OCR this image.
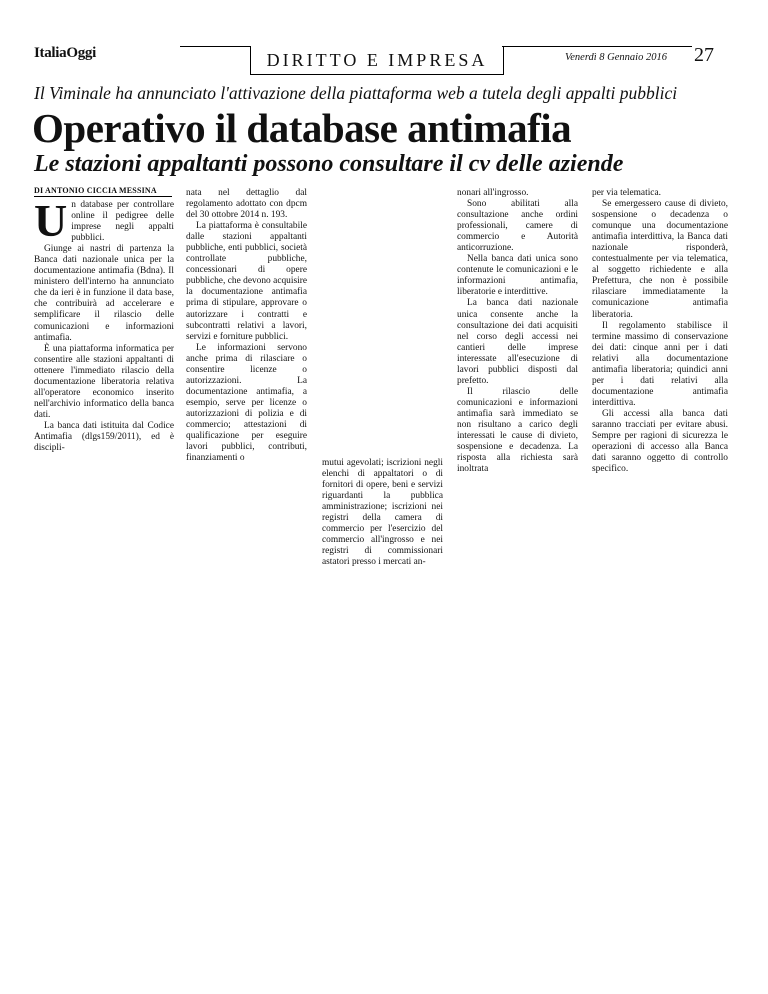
ItaliaOggi	DIRITTO E IMPRESA	Venerdì 8 Gennaio 2016 27
Il Viminale ha annunciato l'attivazione della piattaforma web a tutela degli appalti pubblici
Operativo il database antimafia
Le stazioni appaltanti possono consultare il cv delle aziende
DI ANTONIO CICCIA MESSINA

Un database per controllare online il pedigree delle imprese negli appalti pubblici.

Giunge ai nastri di partenza la Banca dati nazionale unica per la documentazione antimafia (Bdna). Il ministero dell'interno ha annunciato che da ieri è in funzione il data base, che contribuirà ad accelerare e semplificare il rilascio delle comunicazioni e informazioni antimafia.

È una piattaforma informatica per consentire alle stazioni appaltanti di ottenere l'immediato rilascio della documentazione liberatoria relativa all'operatore economico inserito nell'archivio informatico della banca dati.

La banca dati istituita dal Codice Antimafia (dlgs159/2011), ed è discipli-

nata nel dettaglio dal regolamento adottato con dpcm del 30 ottobre 2014 n. 193.

La piattaforma è consultabile dalle stazioni appaltanti pubbliche, enti pubblici, società controllate pubbliche, concessionari di opere pubbliche, che devono acquisire la documentazione antimafia prima di stipulare, approvare o autorizzare i contratti e subcontratti relativi a lavori, servizi e forniture pubblici.

Le informazioni servono anche prima di rilasciare o consentire licenze o autorizzazioni. La documentazione antimafia, a esempio, serve per licenze o autorizzazioni di polizia e di commercio; attestazioni di qualificazione per eseguire lavori pubblici, contributi, finanziamenti o	mutui agevolati; iscrizioni negli elenchi di appaltatori o di fornitori di opere, beni e servizi riguardanti la pubblica amministrazione; iscrizioni nei registri della camera di commercio per l'esercizio del commercio all'ingrosso e nei registri di commissionari astatori presso i mercati an-

nonari all'ingrosso.

Sono abilitati alla consultazione anche ordini professionali, camere di commercio e Autorità anticorruzione.

Nella banca dati unica sono contenute le comunicazioni e le informazioni antimafia, liberatorie e interdittive.

La banca dati nazionale unica consente anche la consultazione dei dati acquisiti nel corso degli accessi nei cantieri delle imprese interessate all'esecuzione di lavori pubblici disposti dal prefetto.

Il rilascio delle comunicazioni e informazioni antimafia sarà immediato se non risultano a carico degli interessati le cause di divieto, sospensione e decadenza. La risposta alla richiesta sarà inoltrata

per via telematica.

Se emergessero cause di divieto, sospensione o decadenza o comunque una documentazione antimafia interdittiva, la Banca dati nazionale risponderà, contestualmente per via telematica, al soggetto richiedente e alla Prefettura, che non è possibile rilasciare immediatamente la comunicazione antimafia liberatoria.

Il regolamento stabilisce il termine massimo di conservazione dei dati: cinque anni per i dati relativi alla documentazione antimafia liberatoria; quindici anni per i dati relativi alla documentazione antimafia interdittiva.

Gli accessi alla banca dati saranno tracciati per evitare abusi. Sempre per ragioni di sicurezza le operazioni di accesso alla Banca dati saranno oggetto di controllo specifico.
